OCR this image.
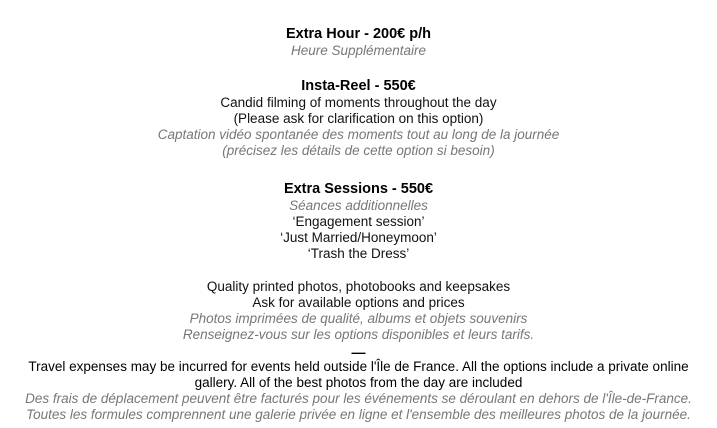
Extra Hour - 200€ p/h
Heure Supplémentaire
Insta-Reel - 550€
Candid filming of moments throughout the day
(Please ask for clarification on this option)
Captation vidéo spontanée des moments tout au long de la journée
(précisez les détails de cette option si besoin)
Extra Sessions - 550€
Séances additionnelles
‘Engagement session’
‘Just Married/Honeymoon’
‘Trash the Dress’
Quality printed photos, photobooks and keepsakes
Ask for available options and prices
Photos imprimées de qualité, albums et objets souvenirs
Renseignez-vous sur les options disponibles et leurs tarifs.
—
Travel expenses may be incurred for events held outside l'Île de France. All the options include a private online gallery. All of the best photos from the day are included
Des frais de déplacement peuvent être facturés pour les événements se déroulant en dehors de l'Île-de-France.
Toutes les formules comprennent une galerie privée en ligne et l'ensemble des meilleures photos de la journée.
